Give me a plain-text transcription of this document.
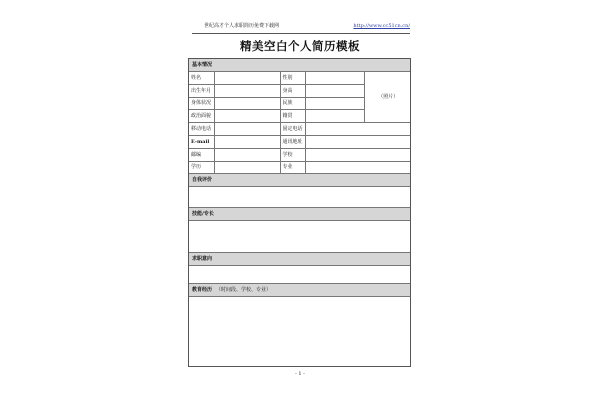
世纪高才个人求职简历免费下载网	http://www.cc51cn.cn/
精美空白个人简历模板
基本情况
姓名		性别		（照片）
出生年月		身高		
身体状况		民族		
政治面貌		籍贯		
移动电话		固定电话		
E-mail		通讯地址		
邮编		学校		
学历		专业		
自我评价
技能/专长
求职意向
教育经历 （时间段、学校、专业）
- 1 -
